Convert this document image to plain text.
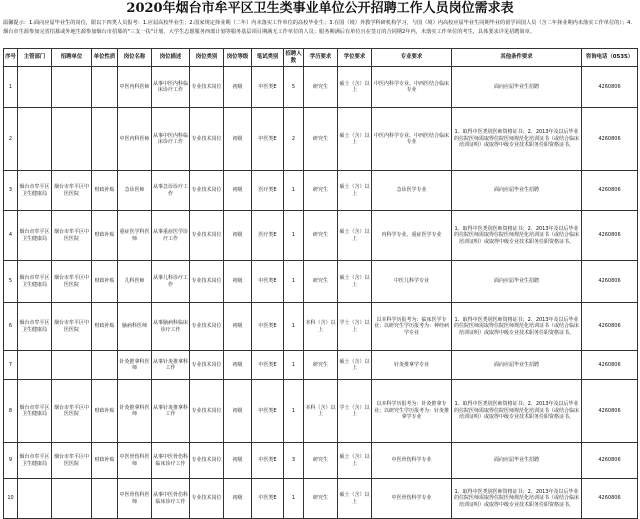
2020年烟台市牟平区卫生类事业单位公开招聘工作人员岗位需求表
温馨提示：1.面向应届毕业生的岗位，限以下四类人员报考：1.应届高校毕业生；2.国家规定择业期（二年）内未落实工作单位的高校毕业生；3.在国（境）外教学科研机构学习，与国（境）内高校应届毕业生同期毕业的留学回国人员（含二年择业期内未落实工作单位的）；4.烟台市生源参加完省招募或外地生源参加烟台市招募的"三支一扶"计划，大学生志愿服务西部计划等服务基层项目期满无工作单位的人员；服务期满后有单位且在签订的合同期2年内，未落实工作单位的考生，具体要求详见招聘简章。
序号	主管部门	招聘单位	单位性质	岗位名称	岗位描述	岗位类别	岗位等级	笔试类别	招聘人数	学历要求	学位要求	专业要求	其他条件要求	咨询电话（0535）
1				中医内科医师	从事中医内科临床诊疗工作	专业技术岗位	初级	中医类E	5	研究生	硕士（含）以上	中医内科学专业、中西医结合临床专业	面向应届毕业生招聘	4260806
2				中医内科医师	从事中医内科临床诊疗工作	专业技术岗位	初级	中医类E	2	研究生	硕士（含）以上	中医内科学专业、中西医结合临床专业	1、取得中医类别医师资格证书；2、2013年及以后毕业的住院医师需取得住院医师规范化培训证书（或结合临床培训证明）或取得中级专业技术职务任职资格证书。	4260806
3	烟台市牟平区卫生健康局	烟台市牟平区中医医院	财政补贴	急诊医师	从事急诊诊疗工作	专业技术岗位	初级	医疗类E	1	研究生	硕士（含）以上	急诊医学专业	面向应届毕业生招聘	4260806
4	烟台市牟平区卫生健康局	烟台市牟平区中医医院	财政补贴	重症医学科医师	从事重症医学诊疗工作	专业技术岗位	初级	医疗类E	1	研究生	硕士（含）以上	内科学专业、重症医学专业	1、取得中医类别医师资格证书；2、2013年及以后毕业的住院医师需取得住院医师规范化培训证书（或结合临床培训证明）或取得中级专业技术职务任职资格证书。	4260806
5	烟台市牟平区卫生健康局	烟台市牟平区中医医院	财政补贴	儿科医师	从事儿科诊疗工作	专业技术岗位	初级	中医类E	1	研究生	硕士（含）以上	中医儿科学专业	面向应届毕业生招聘	4260806
6	烟台市牟平区卫生健康局	烟台市牟平区中医医院	财政补贴	脑病科医师	从事脑病科临床诊疗工作	专业技术岗位	初级	中医类E	1	本科（含）以上	学士（含）以上	以本科学历报考为：临床医学专业；以研究生学历报考为：神经病学专业	1、取得中医类别医师资格证书；2、2013年及以后毕业的住院医师需取得住院医师规范化培训证书（或结合临床培训证明）或取得中级专业技术职务任职资格证书。	4260806
7				针灸推拿科医师	从事针灸推拿科工作	专业技术岗位	初级	中医类E	1	研究生	硕士（含）以上	针灸推拿学专业	面向应届毕业生招聘	4260806
8	烟台市牟平区卫生健康局	烟台市牟平区中医医院	财政补贴	针灸推拿科医师	从事针灸推拿科工作	专业技术岗位	初级	中医类E	1	本科（含）以上	学士（含）以上	以本科学历报考为：针灸推拿专业；以研究生学历报考为：针灸推拿学专业	1、取得中医类别医师资格证书；2、2013年及以后毕业的住院医师需取得住院医师规范化培训证书（或结合临床培训证明）或取得中级专业技术职务任职资格证书。	4260806
9	烟台市牟平区卫生健康局	烟台市牟平区中医医院	财政补贴	中医骨伤科医师	从事中医骨伤科临床诊疗工作	专业技术岗位	初级	中医类E	3	研究生	硕士（含）以上	中医骨伤科学专业	面向应届毕业生招聘	4260806
10				中医骨伤科医师	从事中医骨伤科临床诊疗工作	专业技术岗位	初级	中医类E	1	研究生	硕士（含）以上	中医骨伤科学专业	1、取得中医类别医师资格证书；2、2013年及以后毕业的住院医师需取得住院医师规范化培训证书（或结合临床培训证明）或取得中级专业技术职务任职资格证书。	4260806
